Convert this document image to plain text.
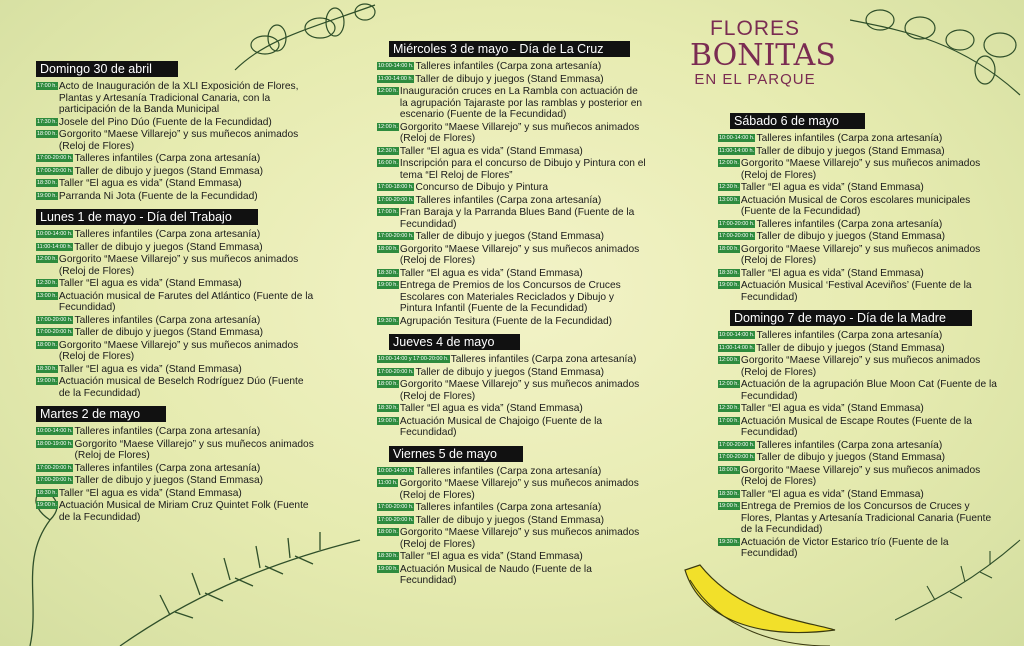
FLORES
BONITAS
EN EL PARQUE
Domingo 30 de abril
17:00 h. Acto de Inauguración de la XLI Exposición de Flores, Plantas y Artesanía Tradicional Canaria, con la participación de la Banda Municipal
17:30 h. Josele del Pino Dúo (Fuente de la Fecundidad)
18:00 h. Gorgorito “Maese Villarejo” y sus muñecos animados (Reloj de Flores)
17:00-20:00 h. Talleres infantiles (Carpa zona artesanía)
17:00-20:00 h. Taller de dibujo y juegos (Stand Emmasa)
18:30 h. Taller “El agua es vida” (Stand Emmasa)
19:00 h. Parranda Ni Jota (Fuente de la Fecundidad)
Lunes 1 de mayo - Día del Trabajo
10:00-14:00 h. Talleres infantiles (Carpa zona artesanía)
11:00-14:00 h. Taller de dibujo y juegos (Stand Emmasa)
12:00 h. Gorgorito “Maese Villarejo” y sus muñecos animados (Reloj de Flores)
12:30 h. Taller “El agua es vida” (Stand Emmasa)
13:00 h. Actuación musical de Farutes del Atlántico (Fuente de la Fecundidad)
17:00-20:00 h. Talleres infantiles (Carpa zona artesanía)
17:00-20:00 h. Taller de dibujo y juegos (Stand Emmasa)
18:00 h. Gorgorito “Maese Villarejo” y sus muñecos animados (Reloj de Flores)
18:30 h. Taller “El agua es vida” (Stand Emmasa)
19:00 h. Actuación musical de Beselch Rodríguez Dúo (Fuente de la Fecundidad)
Martes 2 de mayo
10:00-14:00 h. Talleres infantiles (Carpa zona artesanía)
18:00-19:00 h. Gorgorito “Maese Villarejo” y sus muñecos animados (Reloj de Flores)
17:00-20:00 h. Talleres infantiles (Carpa zona artesanía)
17:00-20:00 h. Taller de dibujo y juegos (Stand Emmasa)
18:30 h. Taller “El agua es vida” (Stand Emmasa)
19:00 h. Actuación Musical de Miriam Cruz Quintet Folk (Fuente de la Fecundidad)
Miércoles 3 de mayo - Día de La Cruz
10:00-14:00 h. Talleres infantiles (Carpa zona artesanía)
11:00-14:00 h. Taller de dibujo y juegos (Stand Emmasa)
12:00 h. Inauguración cruces en La Rambla con actuación de la agrupación Tajaraste por las ramblas y posterior en escenario (Fuente de la Fecundidad)
12:00 h. Gorgorito “Maese Villarejo” y sus muñecos animados (Reloj de Flores)
12:30 h. Taller “El agua es vida” (Stand Emmasa)
16:00 h. Inscripción para el concurso de Dibujo y Pintura con el tema “El Reloj de Flores”
17:00-18:00 h. Concurso de Dibujo y Pintura
17:00-20:00 h. Talleres infantiles (Carpa zona artesanía)
17:00 h. Fran Baraja y la Parranda Blues Band (Fuente de la Fecundidad)
17:00-20:00 h. Taller de dibujo y juegos (Stand Emmasa)
18:00 h. Gorgorito “Maese Villarejo” y sus muñecos animados (Reloj de Flores)
18:30 h. Taller “El agua es vida” (Stand Emmasa)
19:00 h. Entrega de Premios de los Concursos de Cruces Escolares con Materiales Reciclados y Dibujo y Pintura Infantil (Fuente de la Fecundidad)
19:30 h. Agrupación Tesitura (Fuente de la Fecundidad)
Jueves 4 de mayo
10:00-14:00 y 17:00-20:00 h. Talleres infantiles (Carpa zona artesanía)
17:00-20:00 h. Taller de dibujo y juegos (Stand Emmasa)
18:00 h. Gorgorito “Maese Villarejo” y sus muñecos animados (Reloj de Flores)
18:30 h. Taller “El agua es vida” (Stand Emmasa)
19:00 h. Actuación Musical de Chajoigo (Fuente de la Fecundidad)
Viernes 5 de mayo
10:00-14:00 h. Talleres infantiles (Carpa zona artesanía)
11:00 h. Gorgorito “Maese Villarejo” y sus muñecos animados (Reloj de Flores)
17:00-20:00 h. Talleres infantiles (Carpa zona artesanía)
17:00-20:00 h. Taller de dibujo y juegos (Stand Emmasa)
18:00 h. Gorgorito “Maese Villarejo” y sus muñecos animados (Reloj de Flores)
18:30 h. Taller “El agua es vida” (Stand Emmasa)
19:00 h. Actuación Musical de Naudo (Fuente de la Fecundidad)
Sábado 6 de mayo
10:00-14:00 h. Talleres infantiles (Carpa zona artesanía)
11:00-14:00 h. Taller de dibujo y juegos (Stand Emmasa)
12:00 h. Gorgorito “Maese Villarejo” y sus muñecos animados (Reloj de Flores)
12:30 h. Taller “El agua es vida” (Stand Emmasa)
13:00 h. Actuación Musical de Coros escolares municipales (Fuente de la Fecundidad)
17:00-20:00 h. Talleres infantiles (Carpa zona artesanía)
17:00-20:00 h. Taller de dibujo y juegos (Stand Emmasa)
18:00 h. Gorgorito “Maese Villarejo” y sus muñecos animados (Reloj de Flores)
18:30 h. Taller “El agua es vida” (Stand Emmasa)
19:00 h. Actuación Musical ‘Festival Aceviños’ (Fuente de la Fecundidad)
Domingo 7 de mayo - Día de la Madre
10:00-14:00 h. Talleres infantiles (Carpa zona artesanía)
11:00-14:00 h. Taller de dibujo y juegos (Stand Emmasa)
12:00 h. Gorgorito “Maese Villarejo” y sus muñecos animados (Reloj de Flores)
12:00 h. Actuación de la agrupación Blue Moon Cat (Fuente de la Fecundidad)
12:30 h. Taller “El agua es vida” (Stand Emmasa)
17:00 h. Actuación Musical de Escape Routes (Fuente de la Fecundidad)
17:00-20:00 h. Talleres infantiles (Carpa zona artesanía)
17:00-20:00 h. Taller de dibujo y juegos (Stand Emmasa)
18:00 h. Gorgorito “Maese Villarejo” y sus muñecos animados (Reloj de Flores)
18:30 h. Taller “El agua es vida” (Stand Emmasa)
19:00 h. Entrega de Premios de los Concursos de Cruces y Flores, Plantas y Artesanía Tradicional Canaria (Fuente de la Fecundidad)
19:30 h. Actuación de Victor Estarico trío (Fuente de la Fecundidad)
